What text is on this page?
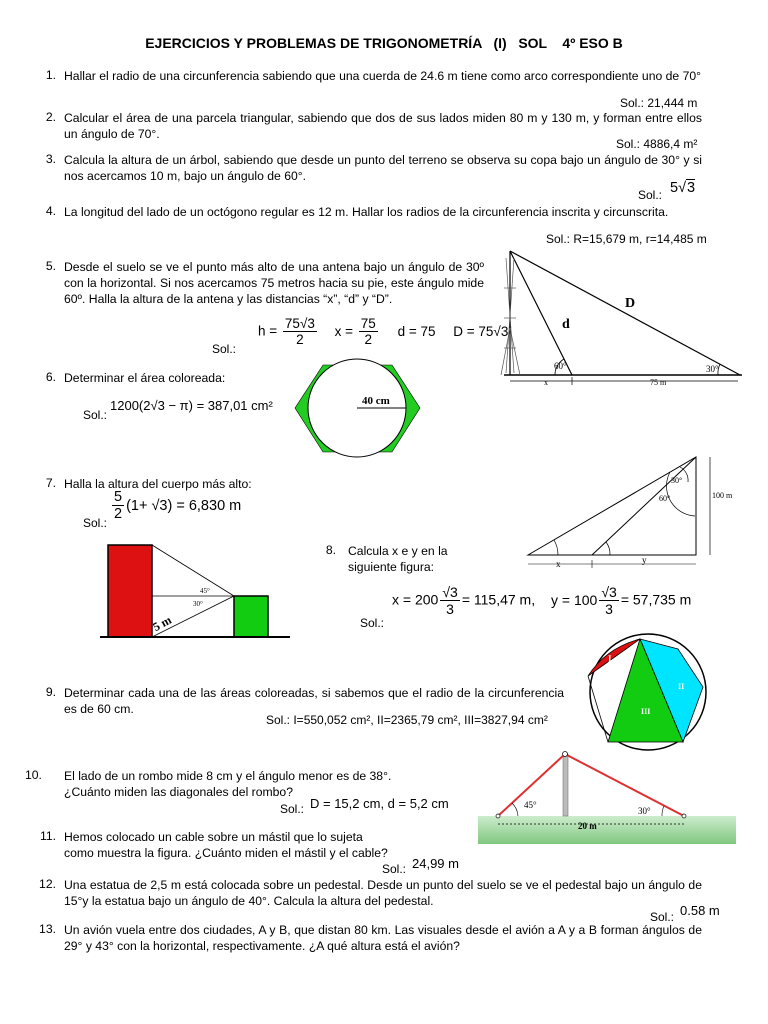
EJERCICIOS Y PROBLEMAS DE TRIGONOMETRÍA   (I)   SOL    4º ESO B
1. Hallar el radio de una circunferencia sabiendo que una cuerda de 24.6 m tiene como arco correspondiente uno de 70°
Sol.: 21,444 m
2. Calcular el área de una parcela triangular, sabiendo que dos de sus lados miden 80 m y 130 m, y forman entre ellos un ángulo de 70°.
Sol.: 4886,4 m²
3. Calcula la altura de un árbol, sabiendo que desde un punto del terreno se observa su copa bajo un ángulo de 30° y si nos acercamos 10 m, bajo un ángulo de 60°.
Sol.: 5√ 3
4. La longitud del lado de un octógono regular es 12 m. Hallar los radios de la circunferencia inscrita y circunscrita.
Sol.: R=15,679 m, r=14,485 m
5. Desde el suelo se ve el punto más alto de una antena bajo un ángulo de 30º con la horizontal. Si nos acercamos 75 metros hacia su pie, este ángulo mide 60º. Halla la altura de la antena y las distancias “x”, “d” y “D”.
Sol.:
$h = \frac{75√3}{2}$ $x = \frac{75}{2}$ d = 75 D = 75√3
D
d
60°	30°
x	75 m
6. Determinar el área coloreada:
Sol.:
1200(2√3 − π) = 387,01 cm²	40 cm
7. Halla la altura del cuerpo más alto:
Sol.:
$\frac{5}{2} (1+ √3) = 6,830$ m
45°
30°
5 m
8. Calcula x e y en la siguiente figura:
Sol.:
$x = 200 \frac{√3}{3} = 115,47$ m, $y = 100 \frac{√3}{3} = 57,735$ m
30°
60°	100 m
x	y
I
II
III
9. Determinar cada una de las áreas coloreadas, si sabemos que el radio de la circunferencia es de 60 cm.
Sol.: I=550,052 cm², II=2365,79 cm², III=3827,94 cm²
10.	El lado de un rombo mide 8 cm y el ángulo menor es de 38°. ¿Cuánto miden las diagonales del rombo?
Sol.: D = 15,2 cm, d = 5,2 cm	45°
30°
20 m
11. Hemos colocado un cable sobre un mástil que lo sujeta como muestra la figura. ¿Cuánto miden el mástil y el cable?
Sol.: 24,99 m
12. Una estatua de 2,5 m está colocada sobre un pedestal. Desde un punto del suelo se ve el pedestal bajo un ángulo de 15°y la estatua bajo un ángulo de 40°. Calcula la altura del pedestal.
Sol.: 0.58 m
13. Un avión vuela entre dos ciudades, A y B, que distan 80 km. Las visuales desde el avión a A y a B forman ángulos de 29° y 43° con la horizontal, respectivamente. ¿A qué altura está el avión?
